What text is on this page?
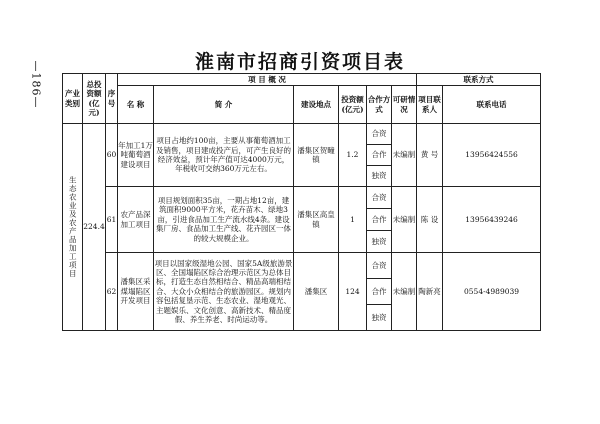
—186—	淮南市招商引资项目表
产业类别	总投资额(亿元)	序号	项 目 概 况						联系方式	
			名 称	简 介	建设地点	投资额(亿元)	合作方式	可研情况	项目联系人	联系电话
生态农业及农产品加工项目	224.4	60	年加工1万吨葡萄酒建设项目	项目占地约100亩，主要从事葡萄酒加工及销售，项目建成投产后，可产生良好的经济效益，预计年产值可达4000万元，年税收可交纳360万元左右。	潘集区贺疃镇	1.2	合资	未编制	黄 号	13956424556
							合作			
							独资			
		61	农产品深加工项目	项目规划面积35亩，一期占地12亩，建筑面积9000平方米，花卉苗木、绿地3亩，引进食品加工生产流水线4条。建设集厂房、食品加工生产线、花卉园区一体的较大规模企业。	潘集区高皇镇	1	合资	未编制	陈 设	13956439246
							合作			
							独资			
		62	潘集区采煤塌陷区开发项目	项目以国家级湿地公园、国家5A级旅游景区、全国塌陷区综合治理示范区为总体目标，打造生态自然相结合、精品高端相结合、大众小众相结合的旅游园区。规划内容包括复垦示范、生态农业、湿地观光、主题娱乐、文化创意、高新技术、精品度假、养生养老、时尚运动等。	潘集区	124	合资	未编制	陶新亮	0554-4989039
							合作			
							独资			
